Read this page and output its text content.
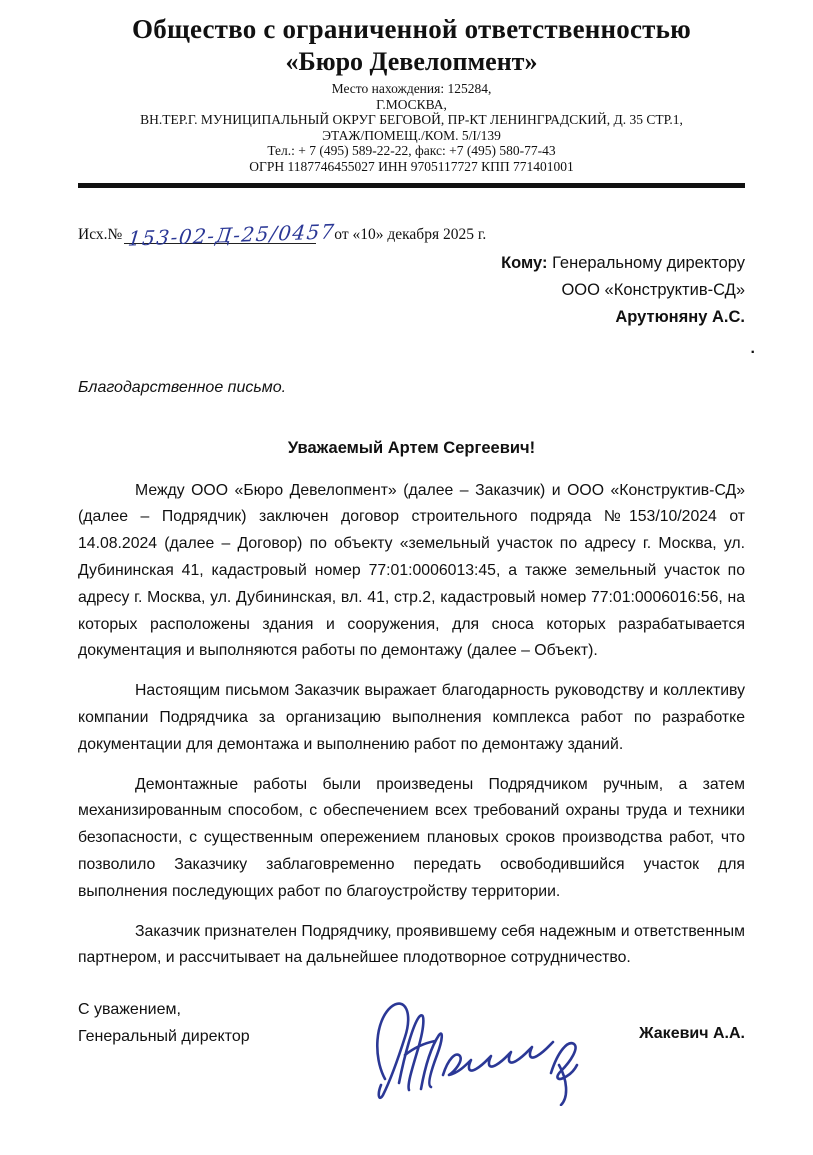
Общество с ограниченной ответственностью
«Бюро Девелопмент»
Место нахождения: 125284,
Г.МОСКВА,
ВН.ТЕР.Г. МУНИЦИПАЛЬНЫЙ ОКРУГ БЕГОВОЙ, ПР-КТ ЛЕНИНГРАДСКИЙ, Д. 35 СТР.1,
ЭТАЖ/ПОМЕЩ./КОМ. 5/I/139
Тел.: + 7 (495) 589-22-22, факс: +7 (495) 580-77-43
ОГРН 1187746455027 ИНН 9705117727 КПП 771401001
Исх.№ 153-02-Д-25/0457
от «10» декабря 2025 г.
Кому: Генеральному директору
ООО «Конструктив-СД»
Арутюняну А.С.
.
Благодарственное письмо.
Уважаемый Артем Сергеевич!

Между ООО «Бюро Девелопмент» (далее – Заказчик) и ООО «Конструктив-СД» (далее – Подрядчик) заключен договор строительного подряда №153/10/2024 от 14.08.2024 (далее – Договор) по объекту «земельный участок по адресу г. Москва, ул. Дубининская 41, кадастровый номер 77:01:0006013:45, а также земельный участок по адресу г. Москва, ул. Дубининская, вл. 41, стр.2, кадастровый номер 77:01:0006016:56, на которых расположены здания и сооружения, для сноса которых разрабатывается документация и выполняются работы по демонтажу (далее – Объект).

Настоящим письмом Заказчик выражает благодарность руководству и коллективу компании Подрядчика за организацию выполнения комплекса работ по разработке документации для демонтажа и выполнению работ по демонтажу зданий.

Демонтажные работы были произведены Подрядчиком ручным, а затем механизированным способом, с обеспечением всех требований охраны труда и техники безопасности, с существенным опережением плановых сроков производства работ, что позволило Заказчику заблаговременно передать освободившийся участок для выполнения последующих работ по благоустройству территории.

Заказчик признателен Подрядчику, проявившему себя надежным и ответственным партнером, и рассчитывает на дальнейшее плодотворное сотрудничество.

С уважением,
Генеральный директор	Жакевич А.А.
